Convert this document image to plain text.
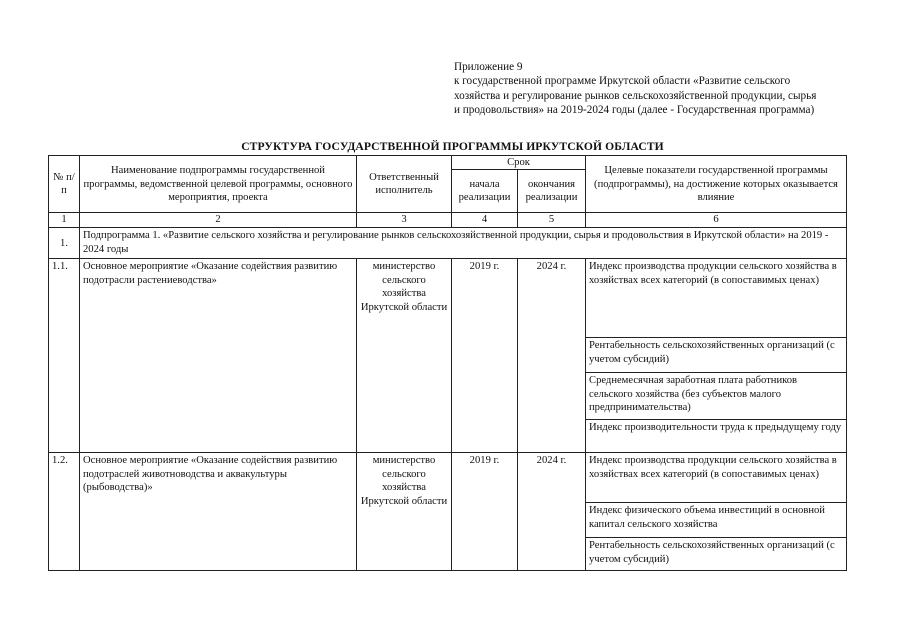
Приложение 9
к государственной программе Иркутской области «Развитие сельского
хозяйства и регулирование рынков сельскохозяйственной продукции, сырья
и продовольствия» на 2019-2024 годы (далее - Государственная программа)
СТРУКТУРА ГОСУДАРСТВЕННОЙ ПРОГРАММЫ ИРКУТСКОЙ ОБЛАСТИ
№ п/п	Наименование подпрограммы государственной программы, ведомственной целевой программы, основного мероприятия, проекта	Ответственный исполнитель	Срок		Целевые показатели государственной программы (подпрограммы), на достижение которых оказывается влияние
			начала реализации	окончания реализации	
1	2	3	4	5	6
1.	Подпрограмма 1. «Развитие сельского хозяйства и регулирование рынков сельскохозяйственной продукции, сырья и продовольствия в Иркутской области» на 2019 - 2024 годы				
1.1.	Основное мероприятие «Оказание содействия развитию подотрасли растениеводства»	министерство сельского хозяйства Иркутской области	2019 г.	2024 г.	Индекс производства продукции сельского хозяйства в хозяйствах всех категорий (в сопоставимых ценах)
					Рентабельность сельскохозяйственных организаций (с учетом субсидий)
					Среднемесячная заработная плата работников сельского хозяйства (без субъектов малого предпринимательства)
					Индекс производительности труда к предыдущему году
1.2.	Основное мероприятие «Оказание содействия развитию подотраслей животноводства и аквакультуры (рыбоводства)»	министерство сельского хозяйства Иркутской области	2019 г.	2024 г.	Индекс производства продукции сельского хозяйства в хозяйствах всех категорий (в сопоставимых ценах)
					Индекс физического объема инвестиций в основной капитал сельского хозяйства
					Рентабельность сельскохозяйственных организаций (с учетом субсидий)
